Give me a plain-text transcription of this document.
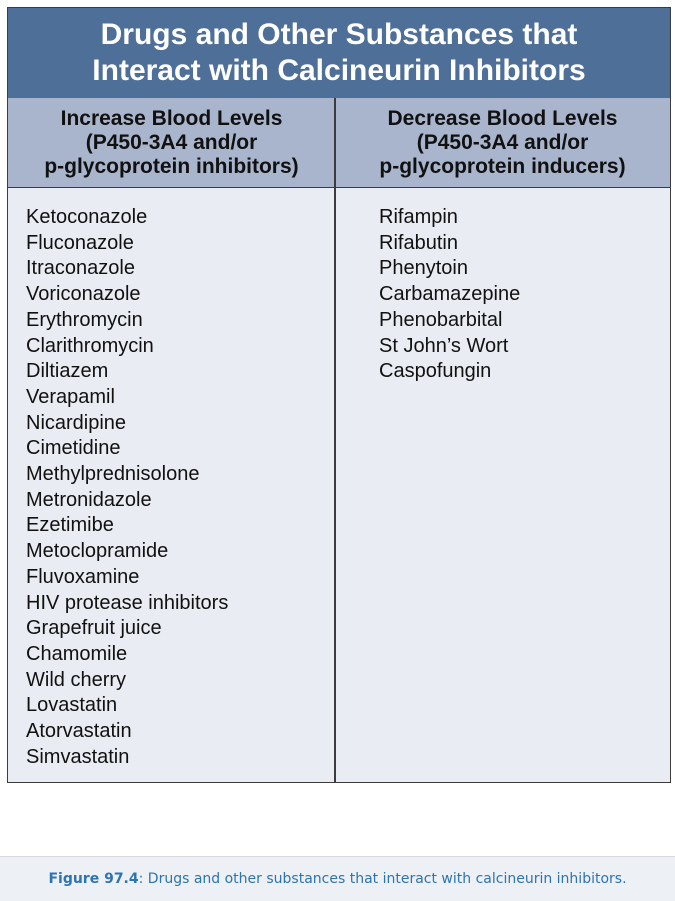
Drugs and Other Substances that
Interact with Calcineurin Inhibitors
Increase Blood Levels
(P450-3A4 and/or
p-glycoprotein inhibitors)
Decrease Blood Levels
(P450-3A4 and/or
p-glycoprotein inducers)
Ketoconazole
Fluconazole
Itraconazole
Voriconazole
Erythromycin
Clarithromycin
Diltiazem
Verapamil
Nicardipine
Cimetidine
Methylprednisolone
Metronidazole
Ezetimibe
Metoclopramide
Fluvoxamine
HIV protease inhibitors
Grapefruit juice
Chamomile
Wild cherry
Lovastatin
Atorvastatin
Simvastatin
Rifampin
Rifabutin
Phenytoin
Carbamazepine
Phenobarbital
St John’s Wort
Caspofungin
Figure 97.4 : Drugs and other substances that interact with calcineurin inhibitors.
